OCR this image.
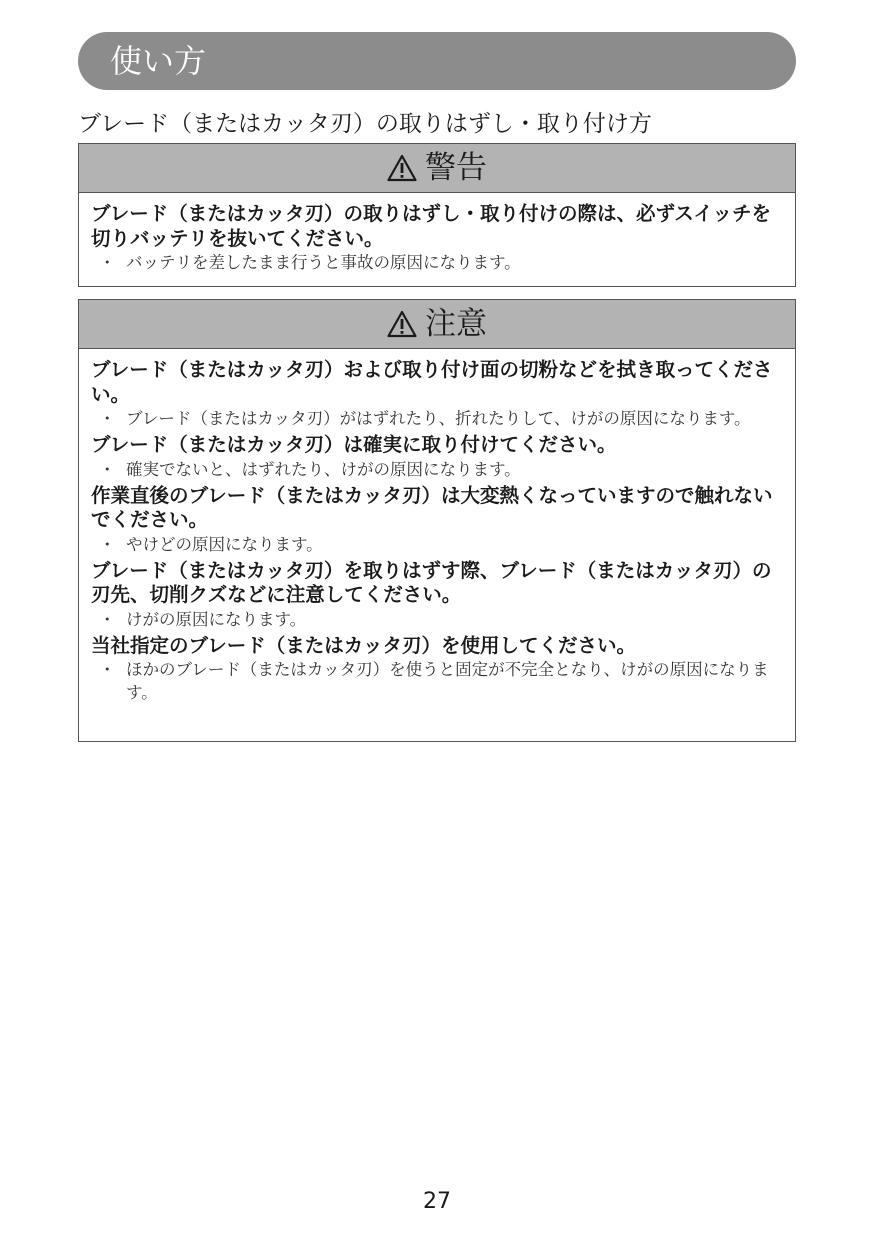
使い方
ブレード（またはカッタ刃）の取りはずし・取り付け方
警告

ブレード（またはカッタ刃）の取りはずし・取り付けの際は、必ずスイッチを切りバッテリを抜いてください。

・ バッテリを差したまま行うと事故の原因になります。

注意

ブレード（またはカッタ刃）および取り付け面の切粉などを拭き取ってください。

・ ブレード（またはカッタ刃）がはずれたり、折れたりして、けがの原因になります。

ブレード（またはカッタ刃）は確実に取り付けてください。

・ 確実でないと、はずれたり、けがの原因になります。

作業直後のブレード（またはカッタ刃）は大変熱くなっていますので触れないでください。

・ やけどの原因になります。

ブレード（またはカッタ刃）を取りはずす際、ブレード（またはカッタ刃）の刃先、切削クズなどに注意してください。

・ けがの原因になります。

当社指定のブレード（またはカッタ刃）を使用してください。

・ ほかのブレード（またはカッタ刃）を使うと固定が不完全となり、けがの原因になります。

27
